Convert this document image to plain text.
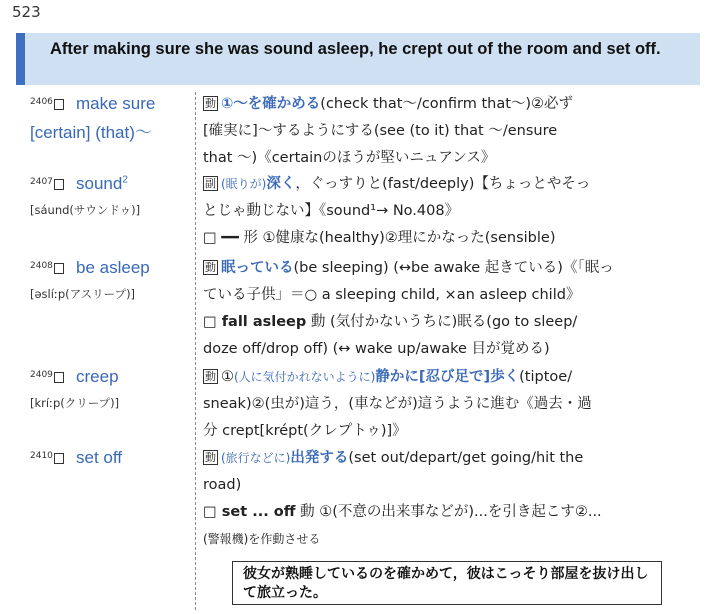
523
After making sure she was sound asleep, he crept out of the room and set off.
2406 make sure
[certain] (that)〜
動 ①〜を確かめる(check that〜/confirm that〜)②必ず
[確実に]〜するようにする(see (to it) that 〜/ensure
that 〜)《certainのほうが堅いニュアンス》
2407 sound$^2$
[sáund(サウンドゥ)]
副 (眠りが)深く，ぐっすりと(fast/deeply)【ちょっとやそっ
とじゃ動じない】《sound¹→ No.408》
□ ━━ 形 ①健康な(healthy)②理にかなった(sensible)
2408 be asleep
[əslíːp(アスリープ)]
動 眠っている(be sleeping) (↔be awake 起きている)《「眠っ
ている子供」＝○ a sleeping child, ×an asleep child》
□ fall asleep 動 (気付かないうちに)眠る(go to sleep/
doze off/drop off) (↔ wake up/awake 目が覚める)
2409 creep
[kríːp(クリープ)]
動 ①(人に気付かれないように)静かに[忍び足で]歩く(tiptoe/
sneak)②(虫が)這う，(車などが)這うように進む《過去・過
分 crept[krépt(クレプトゥ)]》
2410 set off	動 (旅行などに)出発する(set out/depart/get going/hit the
road)
□ set ... off 動 ①(不意の出来事などが)...を引き起こす②...
(警報機)を作動させる
彼女が熟睡しているのを確かめて，彼はこっそり部屋を抜け出して旅立った。
